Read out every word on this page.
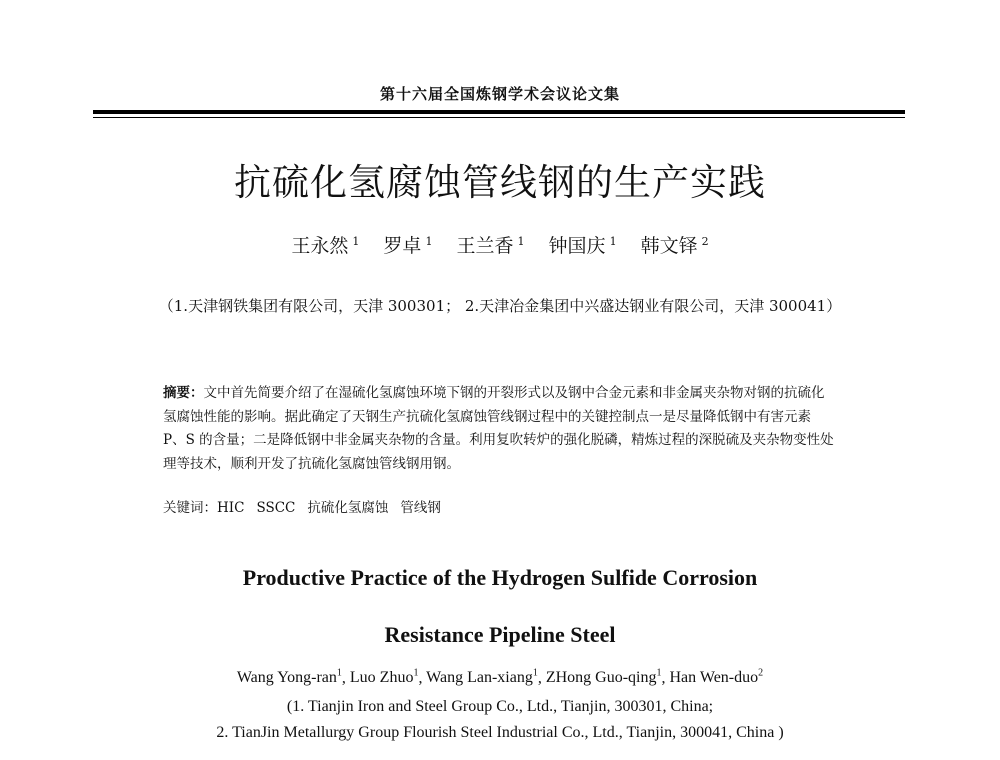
第十六届全国炼钢学术会议论文集
抗硫化氢腐蚀管线钢的生产实践
王永然 $^1$ 罗卓 $^1$ 王兰香 $^1$ 钟国庆 $^1$ 韩文铎 $^2$
（1.天津钢铁集团有限公司，天津 300301； 2.天津冶金集团中兴盛达钢业有限公司，天津 300041）
摘要：文中首先简要介绍了在湿硫化氢腐蚀环境下钢的开裂形式以及钢中合金元素和非金属夹杂物对钢的抗硫化氢腐蚀性能的影响。据此确定了天钢生产抗硫化氢腐蚀管线钢过程中的关键控制点一是尽量降低钢中有害元素 P、S 的含量；二是降低钢中非金属夹杂物的含量。利用复吹转炉的强化脱磷，精炼过程的深脱硫及夹杂物变性处理等技术，顺利开发了抗硫化氢腐蚀管线钢用钢。
关键词：HIC SSCC 抗硫化氢腐蚀 管线钢
Productive Practice of the Hydrogen Sulfide Corrosion
Resistance Pipeline Steel
Wang Yong-ran$^1$, Luo Zhuo$^1$, Wang Lan-xiang$^1$, ZHong Guo-qing$^1$, Han Wen-duo$^2$
(1. Tianjin Iron and Steel Group Co., Ltd., Tianjin, 300301, China;
2. TianJin Metallurgy Group Flourish Steel Industrial Co., Ltd., Tianjin, 300041, China )
